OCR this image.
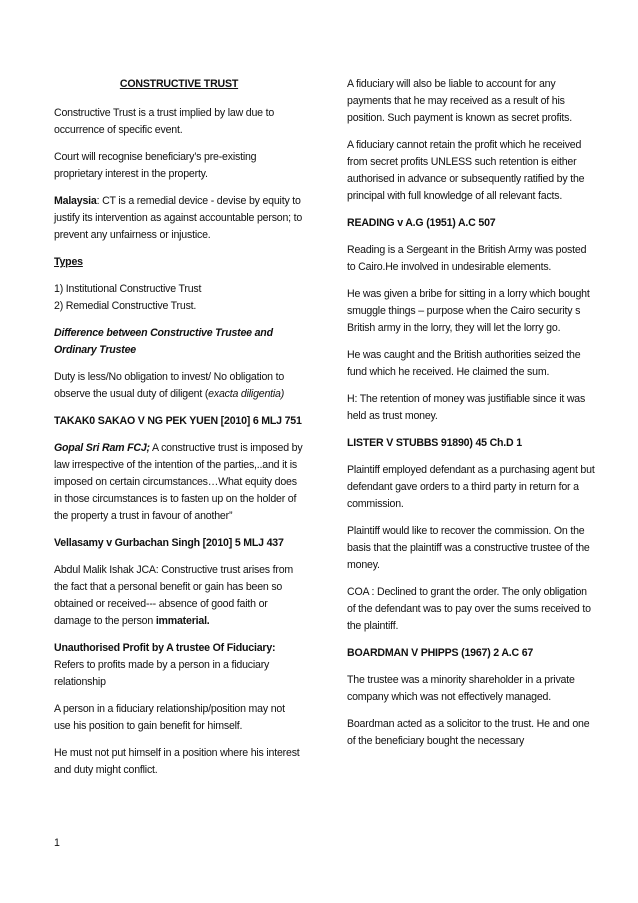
CONSTRUCTIVE TRUST

Constructive Trust is a trust implied by law due to occurrence of specific event.

Court will recognise beneficiary’s pre-existing proprietary interest in the property.

Malaysia: CT is a remedial device - devise by equity to justify its intervention as against accountable person; to prevent any unfairness or injustice.

Types

1) Institutional Constructive Trust

2) Remedial Constructive Trust.

Difference between Constructive Trustee and Ordinary Trustee

Duty is less/No obligation to invest/ No obligation to observe the usual duty of diligent (exacta diligentia)

TAKAK0 SAKAO V NG PEK YUEN [2010] 6 MLJ 751

Gopal Sri Ram FCJ; A constructive trust is imposed by law irrespective of the intention of the parties,..and it is imposed on certain circumstances…What equity does in those circumstances is to fasten up on the holder of the property a trust in favour of another”

Vellasamy v Gurbachan Singh [2010] 5 MLJ 437

Abdul Malik Ishak JCA: Constructive trust arises from the fact that a personal benefit or gain has been so obtained or received--- absence of good faith or damage to the person immaterial.

Unauthorised Profit by A trustee Of Fiduciary:
Refers to profits made by a person in a fiduciary relationship

A person in a fiduciary relationship/position may not use his position to gain benefit for himself.

He must not put himself in a position where his interest and duty might conflict.

A fiduciary will also be liable to account for any payments that he may received as a result of his position. Such payment is known as secret profits.

A fiduciary cannot retain the profit which he received from secret profits UNLESS such retention is either authorised in advance or subsequently ratified by the principal with full knowledge of all relevant facts.

READING v A.G (1951) A.C 507

Reading is a Sergeant in the British Army was posted to Cairo.He involved in undesirable elements.

He was given a bribe for sitting in a lorry which bought smuggle things – purpose when the Cairo security s British army in the lorry, they will let the lorry go.

He was caught and the British authorities seized the fund which he received. He claimed the sum.

H: The retention of money was justifiable since it was held as trust money.

LISTER V STUBBS 91890) 45 Ch.D 1

Plaintiff employed defendant as a purchasing agent but defendant gave orders to a third party in return for a commission.

Plaintiff would like to recover the commission. On the basis that the plaintiff was a constructive trustee of the money.

COA : Declined to grant the order. The only obligation of the defendant was to pay over the sums received to the plaintiff.

BOARDMAN V PHIPPS (1967) 2 A.C 67

The trustee was a minority shareholder in a private company which was not effectively managed.

Boardman acted as a solicitor to the trust. He and one of the beneficiary bought the necessary

1
